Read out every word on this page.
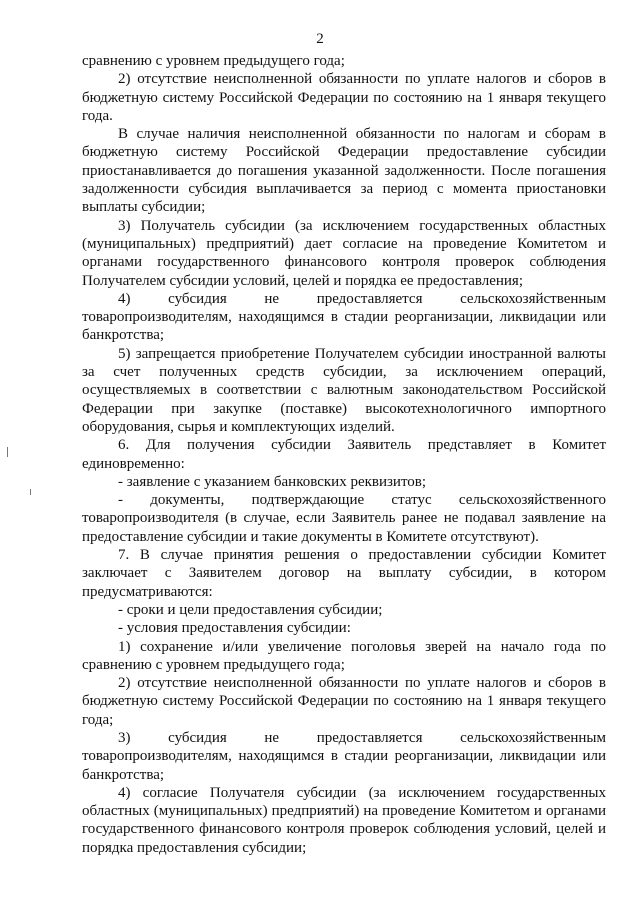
2

сравнению с уровнем предыдущего года;

2) отсутствие неисполненной обязанности по уплате налогов и сборов в бюджетную систему Российской Федерации по состоянию на 1 января текущего года.

В случае наличия неисполненной обязанности по налогам и сборам в бюджетную систему Российской Федерации предоставление субсидии приостанавливается до погашения указанной задолженности. После погашения задолженности субсидия выплачивается за период с момента приостановки выплаты субсидии;

3) Получатель субсидии (за исключением государственных областных (муниципальных) предприятий) дает согласие на проведение Комитетом и органами государственного финансового контроля проверок соблюдения Получателем субсидии условий, целей и порядка ее предоставления;

4) субсидия не предоставляется сельскохозяйственным товаропроизводителям, находящимся в стадии реорганизации, ликвидации или банкротства;

5) запрещается приобретение Получателем субсидии иностранной валюты за счет полученных средств субсидии, за исключением операций, осуществляемых в соответствии с валютным законодательством Российской Федерации при закупке (поставке) высокотехнологичного импортного оборудования, сырья и комплектующих изделий.

6. Для получения субсидии Заявитель представляет в Комитет единовременно:

- заявление с указанием банковских реквизитов;

- документы, подтверждающие статус сельскохозяйственного товаропроизводителя (в случае, если Заявитель ранее не подавал заявление на предоставление субсидии и такие документы в Комитете отсутствуют).

7. В случае принятия решения о предоставлении субсидии Комитет заключает с Заявителем договор на выплату субсидии, в котором предусматриваются:

- сроки и цели предоставления субсидии;

- условия предоставления субсидии:

1) сохранение и/или увеличение поголовья зверей на начало года по сравнению с уровнем предыдущего года;

2) отсутствие неисполненной обязанности по уплате налогов и сборов в бюджетную систему Российской Федерации по состоянию на 1 января текущего года;

3) субсидия не предоставляется сельскохозяйственным товаропроизводителям, находящимся в стадии реорганизации, ликвидации или банкротства;

4) согласие Получателя субсидии (за исключением государственных областных (муниципальных) предприятий) на проведение Комитетом и органами государственного финансового контроля проверок соблюдения условий, целей и порядка предоставления субсидии;
